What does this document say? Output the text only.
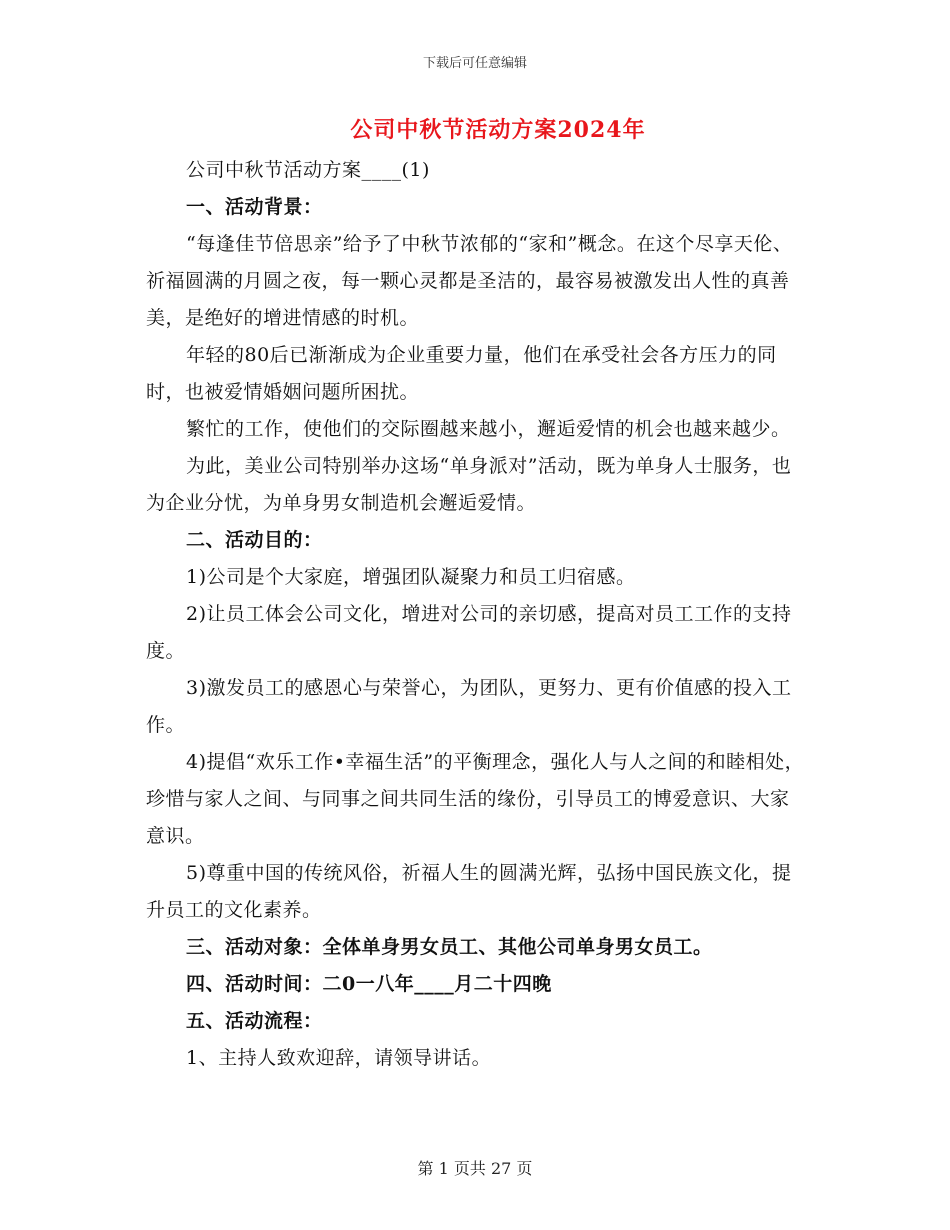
下载后可任意编辑
公司中秋节活动方案2024年

公司中秋节活动方案____(1)

一、活动背景：

“每逢佳节倍思亲”给予了中秋节浓郁的“家和”概念。在这个尽享天伦、祈福圆满的月圆之夜，每一颗心灵都是圣洁的，最容易被激发出人性的真善美，是绝好的增进情感的时机。

年轻的80后已渐渐成为企业重要力量，他们在承受社会各方压力的同时，也被爱情婚姻问题所困扰。

繁忙的工作，使他们的交际圈越来越小，邂逅爱情的机会也越来越少。

为此，美业公司特别举办这场“单身派对”活动，既为单身人士服务，也为企业分忧，为单身男女制造机会邂逅爱情。

二、活动目的：

1)公司是个大家庭，增强团队凝聚力和员工归宿感。

2)让员工体会公司文化，增进对公司的亲切感，提高对员工工作的支持度。

3)激发员工的感恩心与荣誉心，为团队，更努力、更有价值感的投入工作。

4)提倡“欢乐工作•幸福生活”的平衡理念，强化人与人之间的和睦相处，珍惜与家人之间、与同事之间共同生活的缘份，引导员工的博爱意识、大家意识。

5)尊重中国的传统风俗，祈福人生的圆满光辉，弘扬中国民族文化，提升员工的文化素养。

三、活动对象：全体单身男女员工、其他公司单身男女员工。

四、活动时间：二0一八年____月二十四晚

五、活动流程：

1、主持人致欢迎辞，请领导讲话。

第 1 页共 27 页
